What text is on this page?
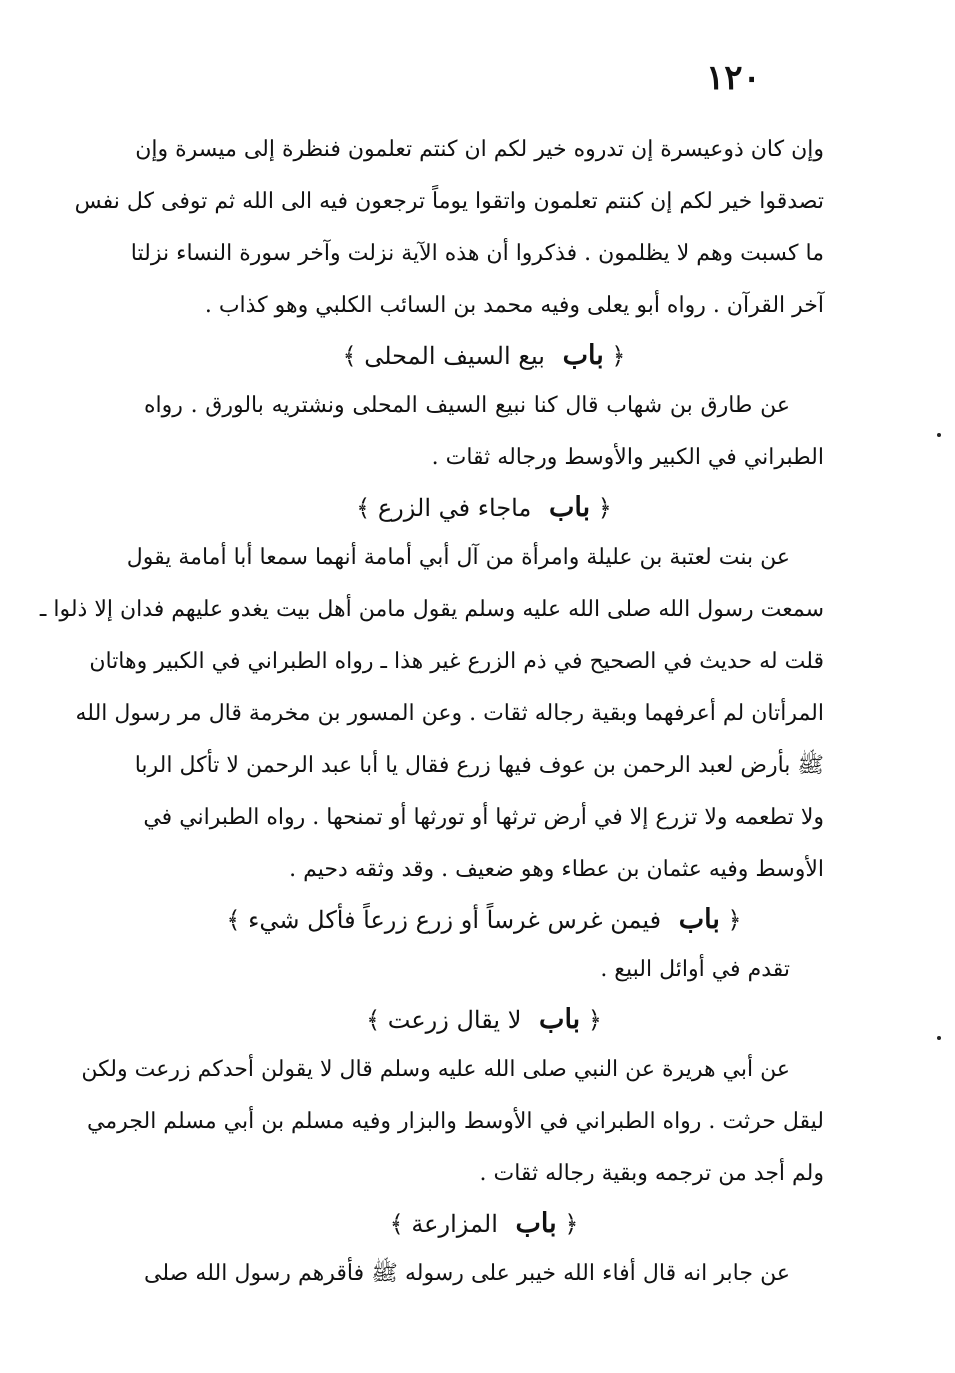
١٢٠
وإن كان ذوعيسرة إن تدروه خير لكم ان كنتم تعلمون فنظرة إلى ميسرة وإن
تصدقوا خير لكم إن كنتم تعلمون واتقوا يوماً ترجعون فيه الى الله ثم توفى كل نفس
ما كسبت وهم لا يظلمون . فذكروا أن هذه الآية نزلت وآخر سورة النساء نزلتا
آخر القرآن . رواه أبو يعلى وفيه محمد بن السائب الكلبي وهو كذاب .
﴿ باب بيع السيف المحلى ﴾
عن طارق بن شهاب قال كنا نبيع السيف المحلى ونشتريه بالورق . رواه
الطبراني في الكبير والأوسط ورجاله ثقات .
﴿ باب ماجاء في الزرع ﴾
عن بنت لعتبة بن عليلة وامرأة من آل أبي أمامة أنهما سمعا أبا أمامة يقول
سمعت رسول الله صلى الله عليه وسلم يقول مامن أهل بيت يغدو عليهم فدان إلا ذلوا ـ
قلت له حديث في الصحيح في ذم الزرع غير هذا ـ رواه الطبراني في الكبير وهاتان
المرأتان لم أعرفهما وبقية رجاله ثقات . وعن المسور بن مخرمة قال مر رسول الله
ﷺ بأرض لعبد الرحمن بن عوف فيها زرع فقال يا أبا عبد الرحمن لا تأكل الربا
ولا تطعمه ولا تزرع إلا في أرض ترثها أو تورثها أو تمنحها . رواه الطبراني في
الأوسط وفيه عثمان بن عطاء وهو ضعيف . وقد وثقه دحيم .
﴿ باب فيمن غرس غرساً أو زرع زرعاً فأكل شيء ﴾
تقدم في أوائل البيع .
﴿ باب لا يقال زرعت ﴾
عن أبي هريرة عن النبي صلى الله عليه وسلم قال لا يقولن أحدكم زرعت ولكن
ليقل حرثت . رواه الطبراني في الأوسط والبزار وفيه مسلم بن أبي مسلم الجرمي
ولم أجد من ترجمه وبقية رجاله ثقات .
﴿ باب المزارعة ﴾
عن جابر انه قال أفاء الله خيبر على رسوله ﷺ فأقرهم رسول الله صلى
